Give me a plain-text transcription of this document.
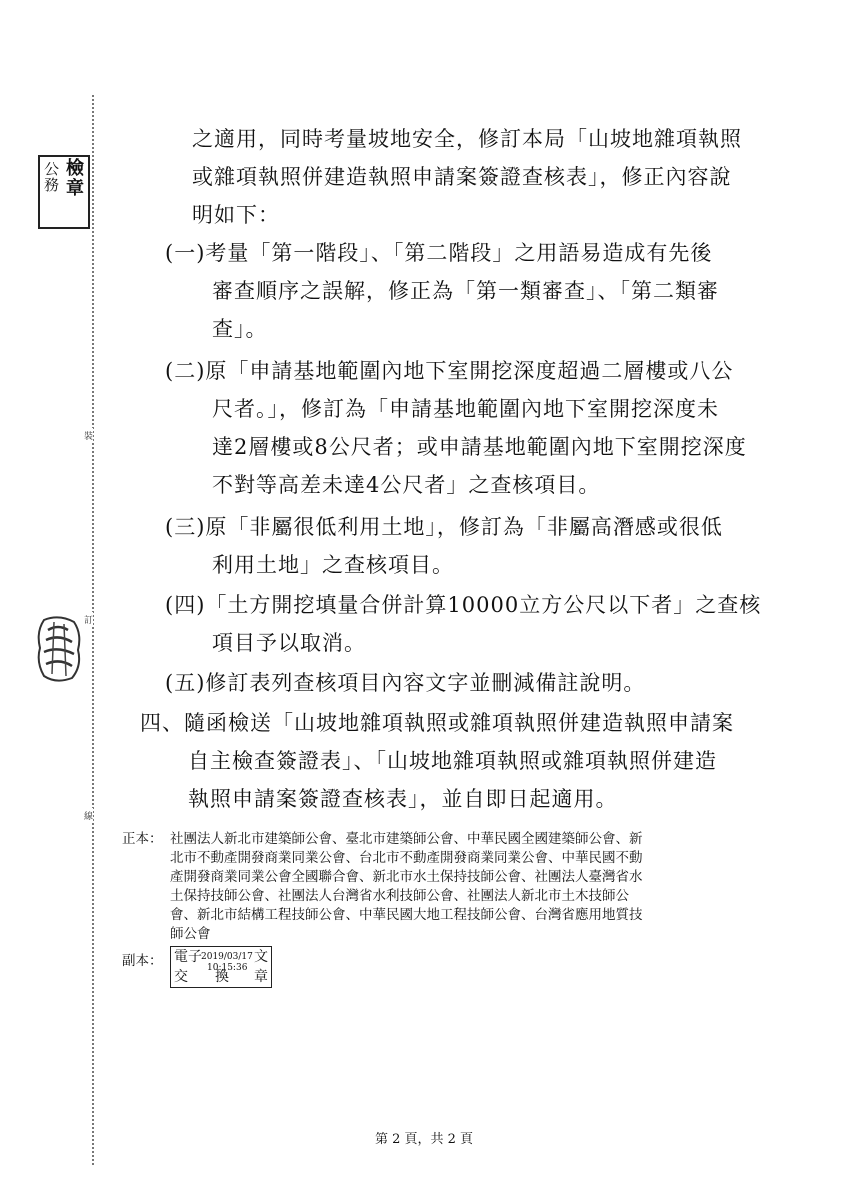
裝
訂
線
公務
檢章
之適用，同時考量坡地安全，修訂本局「山坡地雜項執照
或雜項執照併建造執照申請案簽證查核表」，修正內容說
明如下：
(一)考量「第一階段」、「第二階段」之用語易造成有先後
審查順序之誤解，修正為「第一類審查」、「第二類審
查」。
(二)原「申請基地範圍內地下室開挖深度超過二層樓或八公
尺者。」，修訂為「申請基地範圍內地下室開挖深度未
達2層樓或8公尺者；或申請基地範圍內地下室開挖深度
不對等高差未達4公尺者」之查核項目。
(三)原「非屬很低利用土地」，修訂為「非屬高潛感或很低
利用土地」之查核項目。
(四)「土方開挖填量合併計算10000立方公尺以下者」之查核
項目予以取消。
(五)修訂表列查核項目內容文字並刪減備註說明。
四、隨函檢送「山坡地雜項執照或雜項執照併建造執照申請案
自主檢查簽證表」、「山坡地雜項執照或雜項執照併建造
執照申請案簽證查核表」，並自即日起適用。
正本： 社團法人新北市建築師公會、臺北市建築師公會、中華民國全國建築師公會、新
北市不動產開發商業同業公會、台北市不動產開發商業同業公會、中華民國不動
產開發商業同業公會全國聯合會、新北市水土保持技師公會、社團法人臺灣省水
土保持技師公會、社團法人台灣省水利技師公會、社團法人新北市土木技師公
會、新北市結構工程技師公會、中華民國大地工程技師公會、台灣省應用地質技
師公會
副本： 電子	文
交 換 章
2019/03/17
10:15:36
第 2 頁，共 2 頁
